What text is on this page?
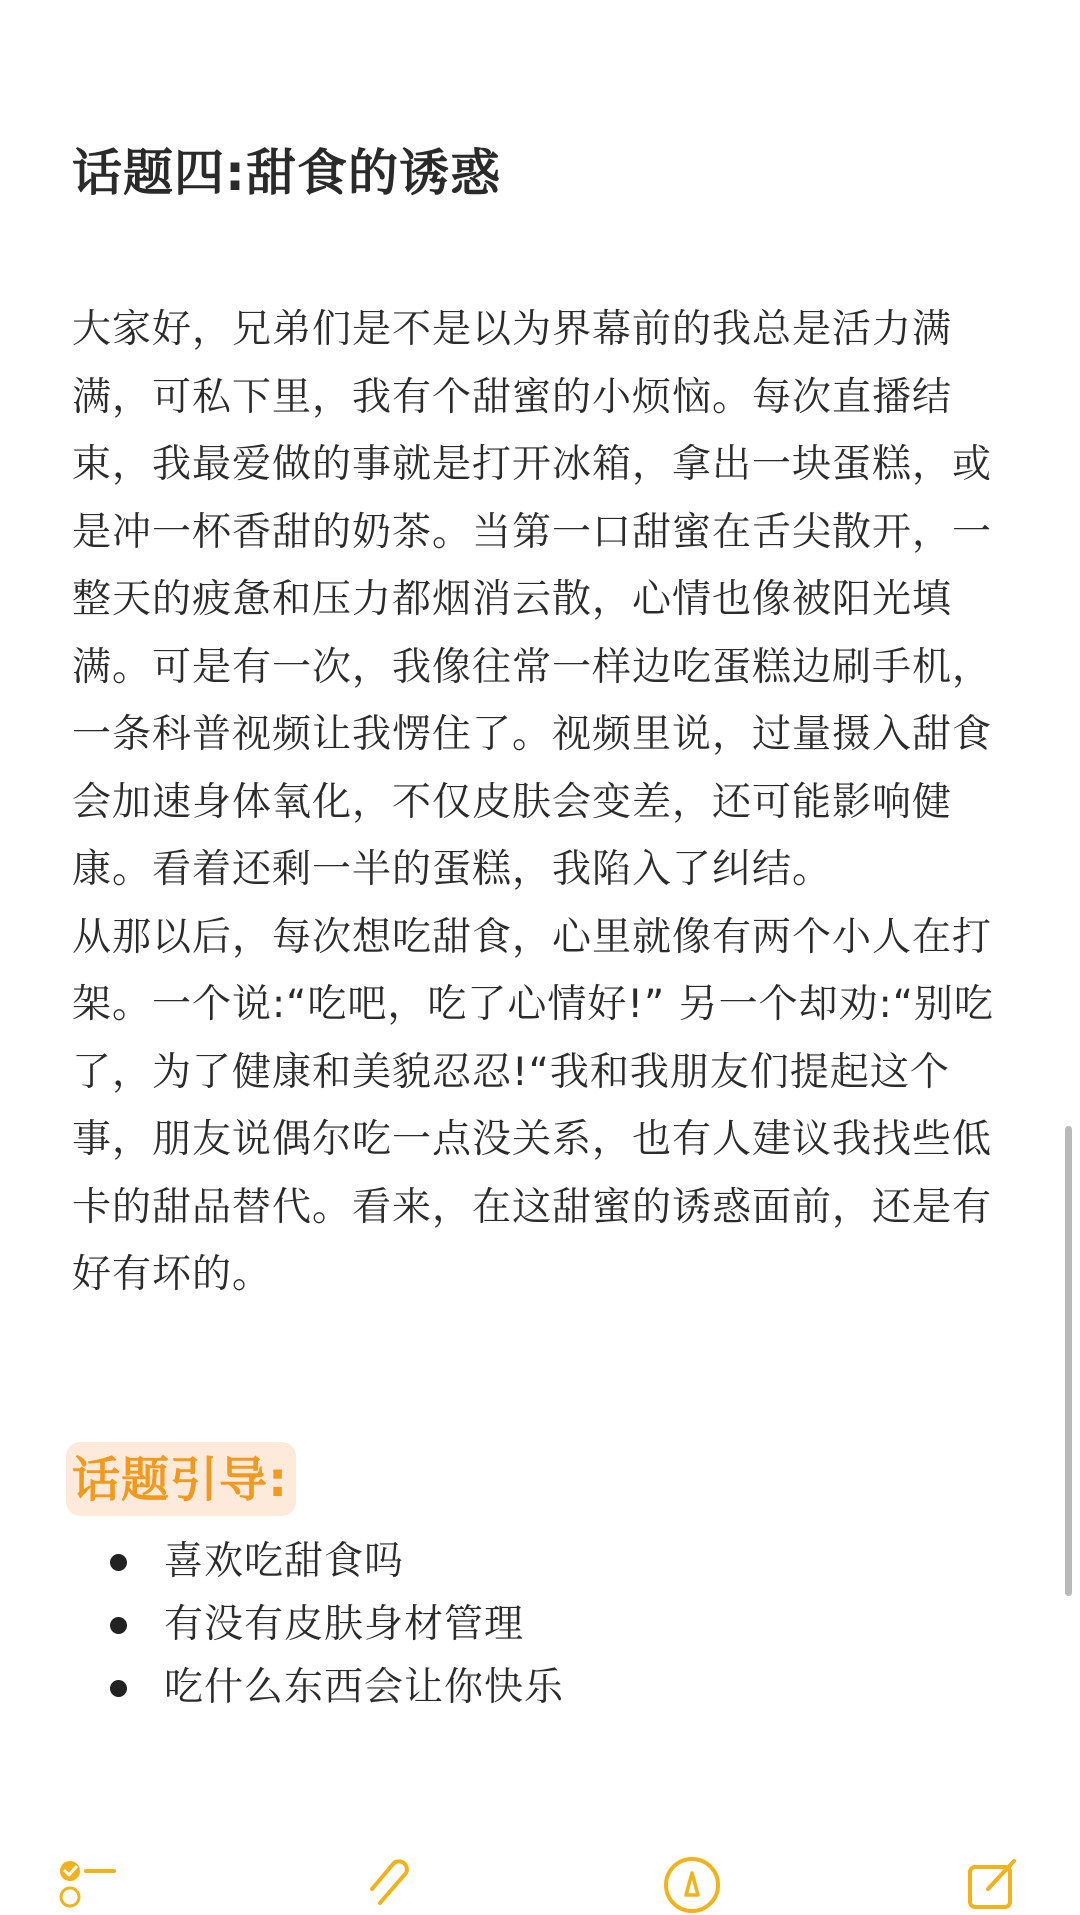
话题四:甜食的诱惑

大家好，兄弟们是不是以为界幕前的我总是活力满满，可私下里，我有个甜蜜的小烦恼。每次直播结束，我最爱做的事就是打开冰箱，拿出一块蛋糕，或是冲一杯香甜的奶茶。当第一口甜蜜在舌尖散开，一整天的疲惫和压力都烟消云散，心情也像被阳光填满。可是有一次，我像往常一样边吃蛋糕边刷手机，一条科普视频让我愣住了。视频里说，过量摄入甜食会加速身体氧化，不仅皮肤会变差，还可能影响健康。看着还剩一半的蛋糕，我陷入了纠结。

从那以后，每次想吃甜食，心里就像有两个小人在打架。一个说:“吃吧，吃了心情好!” 另一个却劝:“别吃了，为了健康和美貌忍忍!“我和我朋友们提起这个事，朋友说偶尔吃一点没关系，也有人建议我找些低卡的甜品替代。看来，在这甜蜜的诱惑面前，还是有好有坏的。

话题引导:
喜欢吃甜食吗
有没有皮肤身材管理
吃什么东西会让你快乐
